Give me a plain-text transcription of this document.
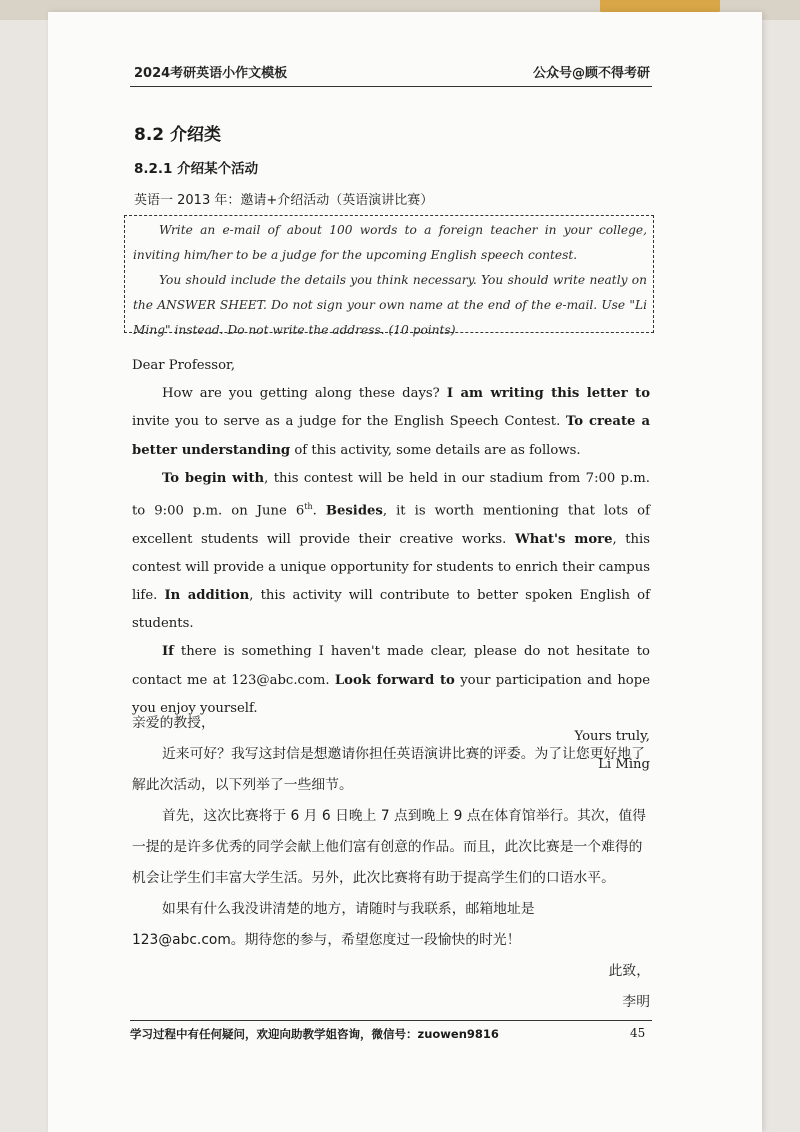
2024考研英语小作文模板	公众号@顾不得考研
8.2 介绍类
8.2.1 介绍某个活动
英语一 2013 年：邀请+介绍活动（英语演讲比赛）

Write an e-mail of about 100 words to a foreign teacher in your college, inviting him/her to be a judge for the upcoming English speech contest.

You should include the details you think necessary. You should write neatly on the ANSWER SHEET. Do not sign your own name at the end of the e-mail. Use "Li Ming" instead. Do not write the address. (10 points)

Dear Professor,

How are you getting along these days? I am writing this letter to invite you to serve as a judge for the English Speech Contest. To create a better understanding of this activity, some details are as follows.

To begin with, this contest will be held in our stadium from 7:00 p.m. to 9:00 p.m. on June 6th. Besides, it is worth mentioning that lots of excellent students will provide their creative works. What's more, this contest will provide a unique opportunity for students to enrich their campus life. In addition, this activity will contribute to better spoken English of students.

If there is something I haven't made clear, please do not hesitate to contact me at 123@abc.com. Look forward to your participation and hope you enjoy yourself.

Yours truly,

Li Ming

亲爱的教授，

近来可好？我写这封信是想邀请你担任英语演讲比赛的评委。为了让您更好地了解此次活动，以下列举了一些细节。

首先，这次比赛将于 6 月 6 日晚上 7 点到晚上 9 点在体育馆举行。其次，值得一提的是许多优秀的同学会献上他们富有创意的作品。而且，此次比赛是一个难得的机会让学生们丰富大学生活。另外，此次比赛将有助于提高学生们的口语水平。

如果有什么我没讲清楚的地方，请随时与我联系，邮箱地址是 123@abc.com。期待您的参与，希望您度过一段愉快的时光！

此致，

李明

学习过程中有任何疑问，欢迎向助教学姐咨询，微信号：zuowen9816	45
